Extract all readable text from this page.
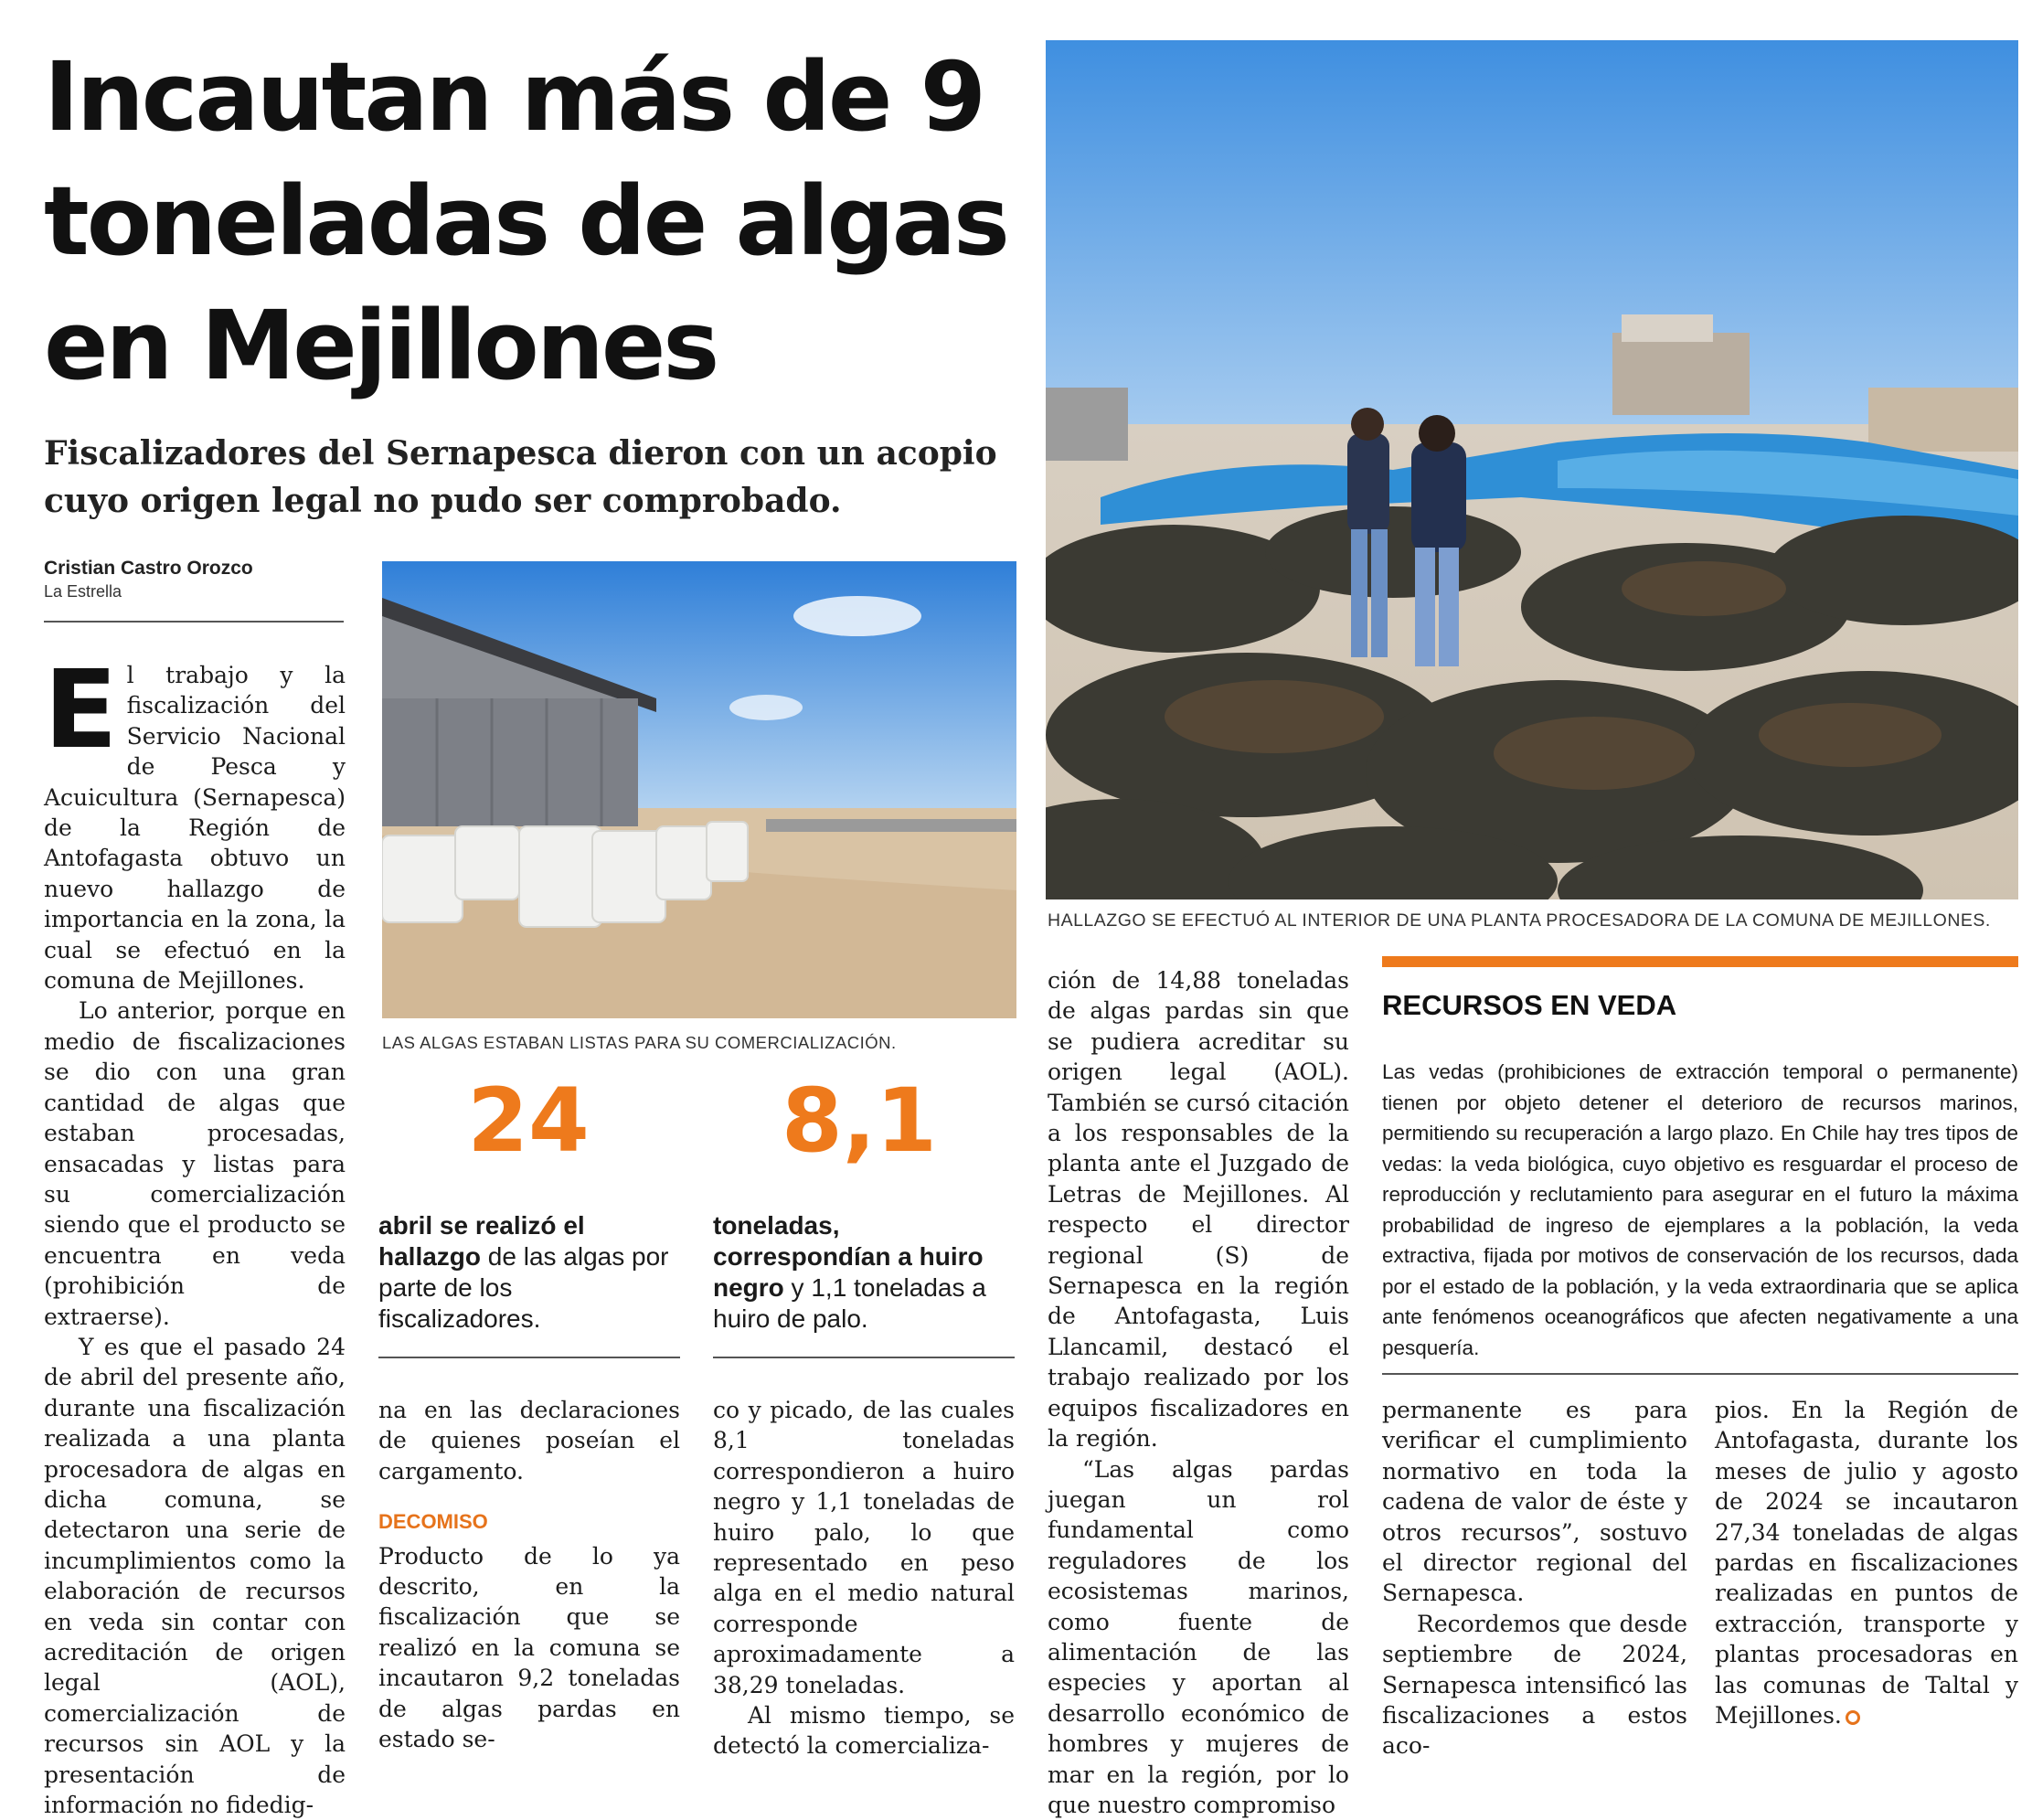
Incautan más de 9 toneladas de algas en Mejillones
Fiscalizadores del Sernapesca dieron con un acopio cuyo origen legal no pudo ser comprobado.
Cristian Castro Orozco
La Estrella
HALLAZGO SE EFECTUÓ AL INTERIOR DE UNA PLANTA PROCESADORA DE LA COMUNA DE MEJILLONES.
LAS ALGAS ESTABAN LISTAS PARA SU COMERCIALIZACIÓN.
24
abril se realizó el hallazgo de las algas por parte de los fiscalizadores.
8,1
toneladas, correspondían a huiro negro y 1,1 toneladas a huiro de palo.

El trabajo y la fiscalización del Servicio Nacional de Pesca y Acuicultura (Sernapesca) de la Región de Antofagasta obtuvo un nuevo hallazgo de importancia en la zona, la cual se efectuó en la comuna de Mejillones.

Lo anterior, porque en medio de fiscalizaciones se dio con una gran cantidad de algas que estaban procesadas, ensacadas y listas para su comercialización siendo que el producto se encuentra en veda (prohibición de extraerse).

Y es que el pasado 24 de abril del presente año, durante una fiscalización realizada a una planta procesadora de algas en dicha comuna, se detectaron una serie de incumplimientos como la elaboración de recursos en veda sin contar con acreditación de origen legal (AOL), comercialización de recursos sin AOL y la presentación de información no fidedig-

na en las declaraciones de quienes poseían el cargamento.

DECOMISO

Producto de lo ya descrito, en la fiscalización que se realizó en la comuna se incautaron 9,2 toneladas de algas pardas en estado se-

co y picado, de las cuales 8,1 toneladas correspondieron a huiro negro y 1,1 toneladas de huiro palo, lo que representado en peso alga en el medio natural corresponde aproximadamente a 38,29 toneladas.

Al mismo tiempo, se detectó la comercializa-

ción de 14,88 toneladas de algas pardas sin que se pudiera acreditar su origen legal (AOL). También se cursó citación a los responsables de la planta ante el Juzgado de Letras de Mejillones. Al respecto el director regional (S) de Sernapesca en la región de Antofagasta, Luis Llancamil, destacó el trabajo realizado por los equipos fiscalizadores en la región.

“Las algas pardas juegan un rol fundamental como reguladores de los ecosistemas marinos, como fuente de alimentación de las especies y aportan al desarrollo económico de hombres y mujeres de mar en la región, por lo que nuestro compromiso

RECURSOS EN VEDA
Las vedas (prohibiciones de extracción temporal o permanente) tienen por objeto detener el deterioro de recursos marinos, permitiendo su recuperación a largo plazo. En Chile hay tres tipos de vedas: la veda biológica, cuyo objetivo es resguardar el proceso de reproducción y reclutamiento para asegurar en el futuro la máxima probabilidad de ingreso de ejemplares a la población, la veda extractiva, fijada por motivos de conservación de los recursos, dada por el estado de la población, y la veda extraordinaria que se aplica ante fenómenos oceanográficos que afecten negativamente a una pesquería.

permanente es para verificar el cumplimiento normativo en toda la cadena de valor de éste y otros recursos”, sostuvo el director regional del Sernapesca.

Recordemos que desde septiembre de 2024, Sernapesca intensificó las fiscalizaciones a estos aco-

pios. En la Región de Antofagasta, durante los meses de julio y agosto de 2024 se incautaron 27,34 toneladas de algas pardas en fiscalizaciones realizadas en puntos de extracción, transporte y plantas procesadoras en las comunas de Taltal y Mejillones.
